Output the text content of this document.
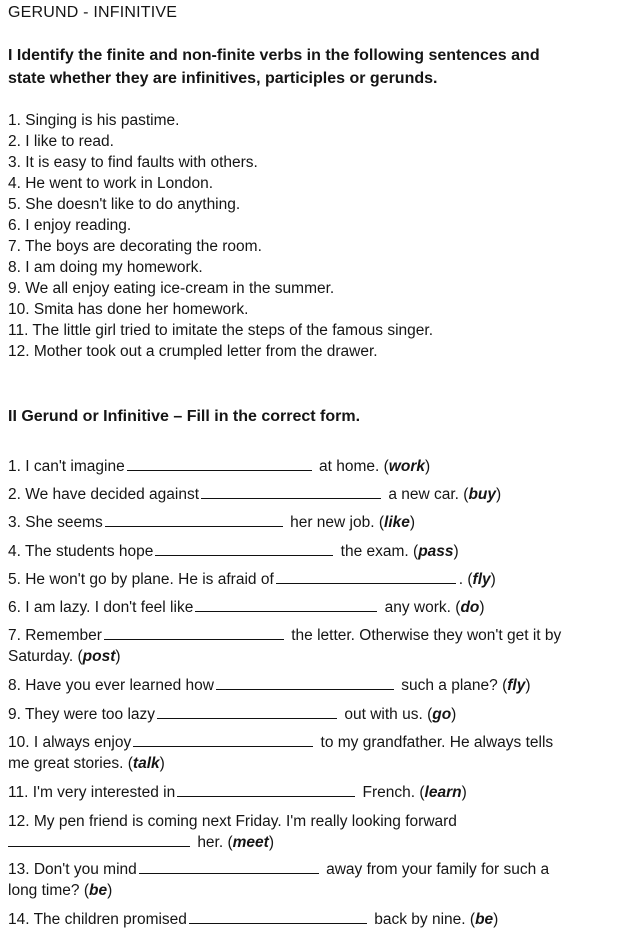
GERUND - INFINITIVE
I Identify the finite and non-finite verbs in the following sentences and
state whether they are infinitives, participles or gerunds.
1. Singing is his pastime.
2. I like to read.
3. It is easy to find faults with others.
4. He went to work in London.
5. She doesn't like to do anything.
6. I enjoy reading.
7. The boys are decorating the room.
8. I am doing my homework.
9. We all enjoy eating ice-cream in the summer.
10. Smita has done her homework.
11. The little girl tried to imitate the steps of the famous singer.
12. Mother took out a crumpled letter from the drawer.
II Gerund or Infinitive – Fill in the correct form.
1. I can't imagine	at home. (work)
2. We have decided against	a new car. (buy)
3. She seems	her new job. (like)
4. The students hope	the exam. (pass)
5. He won't go by plane. He is afraid of	. (fly)
6. I am lazy. I don't feel like	any work. (do)
7. Remember	the letter. Otherwise they won't get it by
Saturday. (post)
8. Have you ever learned how	such a plane? (fly)
9. They were too lazy	out with us. (go)
10. I always enjoy	to my grandfather. He always tells
me great stories. (talk)
11. I'm very interested in	French. (learn)
12. My pen friend is coming next Friday. I'm really looking forward
her. (meet)
13. Don't you mind	away from your family for such a
long time? (be)
14. The children promised	back by nine. (be)
